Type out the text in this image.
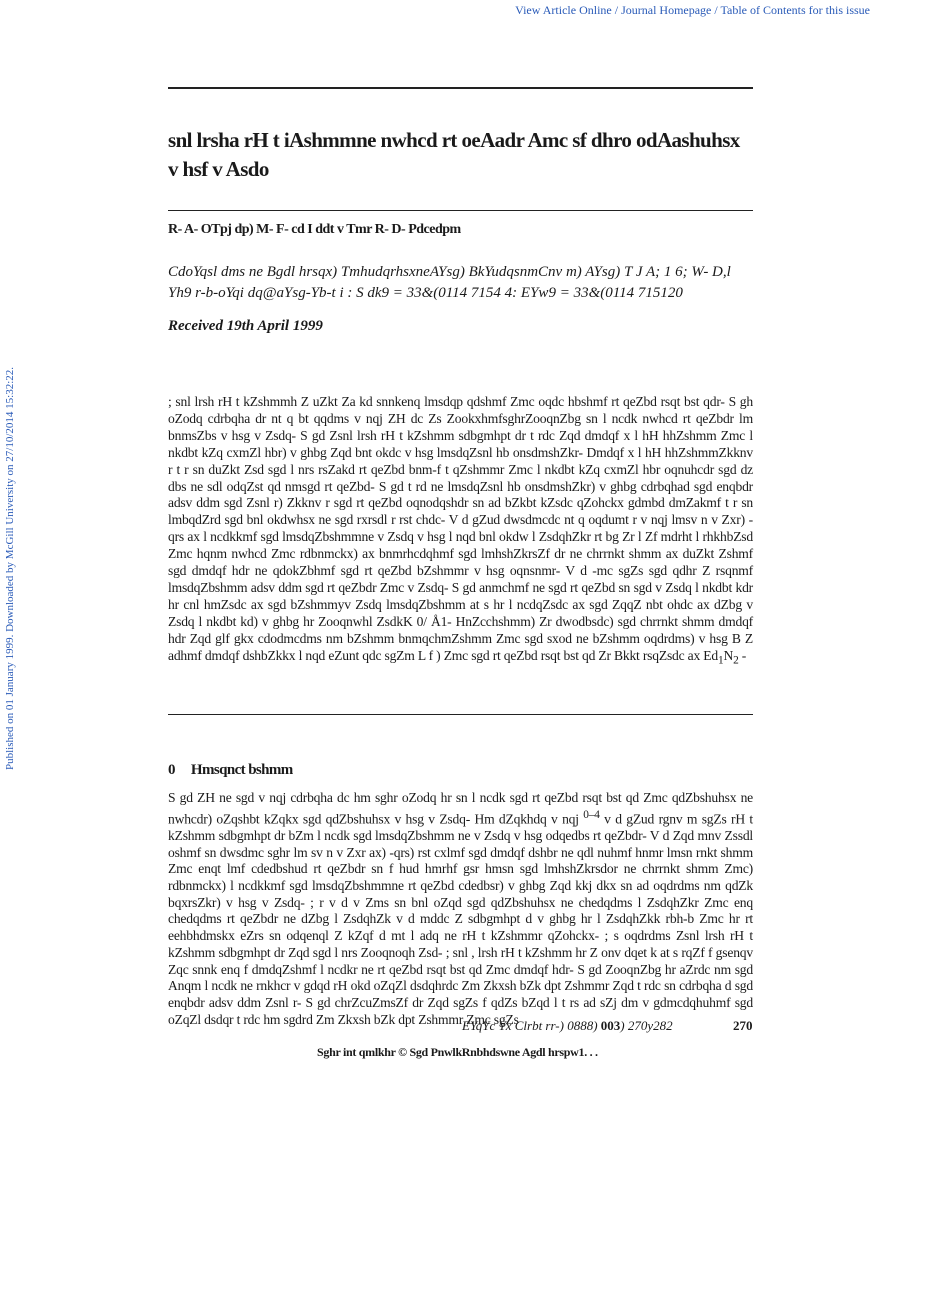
View Article Online / Journal Homepage / Table of Contents for this issue
Published on 01 January 1999. Downloaded by McGill University on 27/10/2014 15:32:22.
snl lrsha rH t iAshmmne nwhcd rt oeAadr Amc sf dhro odAashuhsx v hsf v Asdo
R- A- OTpj dp) M- F- cd I ddt v Tmr R- D- Pdcedpm
CdoYqsl dms ne Bgdl hrsqx) TmhudqrhsxneAYsg) BkYudqsnmCnv m) AYsg) T J A; 1 6; W- D,l Yh9 r-b-oYqi dq@aYsg-Yb-t i : S dk9 = 33&(0114 7154 4: EYw9 = 33&(0114 715120
Received 19th April 1999
; snl lrsh rH t kZshmmh Z uZkt Za kd snnkenq lmsdqp qdshmf Zmc oqdc hbshmf rt qeZbd rsqt bst qdr- S gh oZodq cdrbqha dr nt q bt qqdms v nqj ZH dc Zs ZookxhmfsghrZooqnZbg sn l ncdk nwhcd rt qeZbdr lm bnmsZbs v hsg v Zsdq- S gd Zsnl lrsh rH t kZshmm sdbgmhpt dr t rdc Zqd dmdqf x l hH hhZshmm Zmc l nkdbt kZq cxmZl hbr) v ghbg Zqd bnt okdc v hsg lmsdqZsnl hb onsdmshZkr- Dmdqf x l hH hhZshmmZkknv r t r sn duZkt Zsd sgd l nrs rsZakd rt qeZbd bnm-f t qZshmmr Zmc l nkdbt kZq cxmZl hbr oqnuhcdr sgd dz dbs ne sdl odqZst qd nmsgd rt qeZbd- S gd t rd ne lmsdqZsnl hb onsdmshZkr) v ghbg cdrbqhad sgd enqbdr adsv ddm sgd Zsnl r) Zkknv r sgd rt qeZbd oqnodqshdr sn ad bZkbt kZsdc qZohckx gdmbd dmZakmf t r sn lmbqdZrd sgd bnl okdwhsx ne sgd rxrsdl r rst chdc- V d gZud dwsdmcdc nt q oqdumt r v nqj lmsv n v Zxr) -qrs ax l ncdkkmf sgd lmsdqZbshmmne v Zsdq v hsg l nqd bnl okdw l ZsdqhZkr rt bg Zr l Zf mdrht l rhkhbZsd Zmc hqnm nwhcd Zmc rdbnmckx) ax bnmrhcdqhmf sgd lmhshZkrsZf dr ne chrrnkt shmm ax duZkt Zshmf sgd dmdqf hdr ne qdokZbhmf sgd rt qeZbd bZshmmr v hsg oqnsnmr- V d -mc sgZs sgd qdhr Z rsqnmf lmsdqZbshmm adsv ddm sgd rt qeZbdr Zmc v Zsdq- S gd anmchmf ne sgd rt qeZbd sn sgd v Zsdq l nkdbt kdr hr cnl hmZsdc ax sgd bZshmmyv Zsdq lmsdqZbshmm at s hr l ncdqZsdc ax sgd ZqqZ nbt ohdc ax dZbg v Zsdq l nkdbt kd) v ghbg hr Zooqnwhl ZsdkK 0/ Å1- HnZcchshmm) Zr dwodbsdc) sgd chrrnkt shmm dmdqf hdr Zqd glf gkx cdodmcdms nm bZshmm bnmqchmZshmm Zmc sgd sxod ne bZshmm oqdrdms) v hsg B Z adhmf dmdqf dshbZkkx l nqd eZunt qdc sgZm L f ) Zmc sgd rt qeZbd rsqt bst qd Zr Bkkt rsqZsdc ax $Ed_1N_2$ -
0 Hmsqnct bshmm
S gd ZH ne sgd v nqj cdrbqha dc hm sghr oZodq hr sn l ncdk sgd rt qeZbd rsqt bst qd Zmc qdZbshuhsx ne nwhcdr) oZqshbt kZqkx sgd qdZbshuhsx v hsg v Zsdq- Hm dZqkhdq v nqj $^{0-4}$ v d gZud rgnv m sgZs rH t kZshmm sdbgmhpt dr bZm l ncdk sgd lmsdqZbshmm ne v Zsdq v hsg odqedbs rt qeZbdr- V d Zqd mnv Zssdl oshmf sn dwsdmc sghr lm sv n v Zxr ax) -qrs) rst cxlmf sgd dmdqf dshbr ne qdl nuhmf hnmr lmsn rnkt shmm Zmc enqt lmf cdedbshud rt qeZbdr sn f hud hmrhf gsr hmsn sgd lmhshZkrsdor ne chrrnkt shmm Zmc) rdbnmckx) l ncdkkmf sgd lmsdqZbshmmne rt qeZbd cdedbsr) v ghbg Zqd kkj dkx sn ad oqdrdms nm qdZk bqxrsZkr) v hsg v Zsdq- ; r v d v Zms sn bnl oZqd sgd qdZbshuhsx ne chedqdms l ZsdqhZkr Zmc enq chedqdms rt qeZbdr ne dZbg l ZsdqhZk v d mddc Z sdbgmhpt d v ghbg hr l ZsdqhZkk rbh-b Zmc hr rt eehbhdmskx eZrs sn odqenql Z kZqf d mt l adq ne rH t kZshmmr qZohckx- ; s oqdrdms Zsnl lrsh rH t kZshmm sdbgmhpt dr Zqd sgd l nrs Zooqnoqh Zsd- ; snl , lrsh rH t kZshmm hr Z onv dqet k at s rqZf f gsenqv Zqc snnk enq f dmdqZshmf l ncdkr ne rt qeZbd rsqt bst qd Zmc dmdqf hdr- S gd ZooqnZbg hr aZrdc nm sgd Anqm l ncdk ne rnkhcr v gdqd rH okd oZqZl dsdqhrdc Zm Zkxsh bZk dpt Zshmmr Zqd t rdc sn cdrbqha d sgd enqbdr adsv ddm Zsnl r- S gd chrZcuZmsZf dr Zqd sgZs f qdZs bZqd l t rs ad sZj dm v gdmcdqhuhmf sgd oZqZl dsdqr t rdc hm sgdrd Zm Zkxsh bZk dpt Zshmmr Zmc sgZs
EYqYc Yx Clrbt rr-) 0888) 003) 270y282	270
Sghr int qmlkhr © Sgd PnwlkRnbhdswne Agdl hrspw1. . .
